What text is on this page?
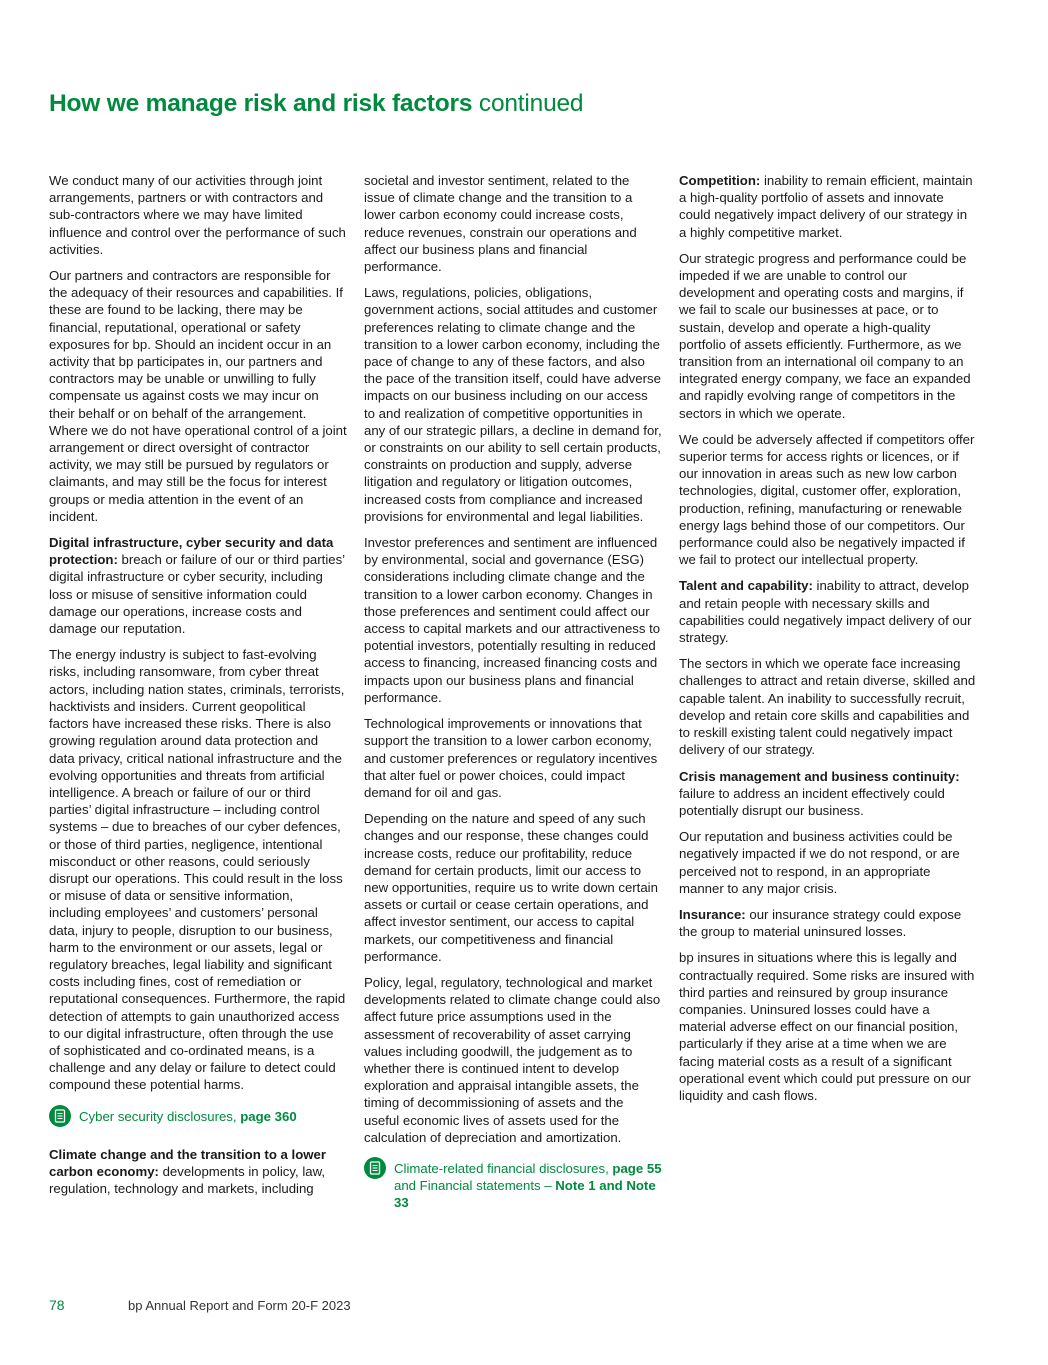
How we manage risk and risk factors continued

We conduct many of our activities through joint arrangements, partners or with contractors and sub-contractors where we may have limited influence and control over the performance of such activities.

Our partners and contractors are responsible for the adequacy of their resources and capabilities. If these are found to be lacking, there may be financial, reputational, operational or safety exposures for bp. Should an incident occur in an activity that bp participates in, our partners and contractors may be unable or unwilling to fully compensate us against costs we may incur on their behalf or on behalf of the arrangement. Where we do not have operational control of a joint arrangement or direct oversight of contractor activity, we may still be pursued by regulators or claimants, and may still be the focus for interest groups or media attention in the event of an incident.

Digital infrastructure, cyber security and data protection: breach or failure of our or third parties’ digital infrastructure or cyber security, including loss or misuse of sensitive information could damage our operations, increase costs and damage our reputation.

The energy industry is subject to fast-evolving risks, including ransomware, from cyber threat actors, including nation states, criminals, terrorists, hacktivists and insiders. Current geopolitical factors have increased these risks. There is also growing regulation around data protection and data privacy, critical national infrastructure and the evolving opportunities and threats from artificial intelligence. A breach or failure of our or third parties’ digital infrastructure – including control systems – due to breaches of our cyber defences, or those of third parties, negligence, intentional misconduct or other reasons, could seriously disrupt our operations. This could result in the loss or misuse of data or sensitive information, including employees’ and customers’ personal data, injury to people, disruption to our business, harm to the environment or our assets, legal or regulatory breaches, legal liability and significant costs including fines, cost of remediation or reputational consequences. Furthermore, the rapid detection of attempts to gain unauthorized access to our digital infrastructure, often through the use of sophisticated and co-ordinated means, is a challenge and any delay or failure to detect could compound these potential harms.

Cyber security disclosures, page 360

Climate change and the transition to a lower carbon economy: developments in policy, law, regulation, technology and markets, including

societal and investor sentiment, related to the issue of climate change and the transition to a lower carbon economy could increase costs, reduce revenues, constrain our operations and affect our business plans and financial performance.

Laws, regulations, policies, obligations, government actions, social attitudes and customer preferences relating to climate change and the transition to a lower carbon economy, including the pace of change to any of these factors, and also the pace of the transition itself, could have adverse impacts on our business including on our access to and realization of competitive opportunities in any of our strategic pillars, a decline in demand for, or constraints on our ability to sell certain products, constraints on production and supply, adverse litigation and regulatory or litigation outcomes, increased costs from compliance and increased provisions for environmental and legal liabilities.

Investor preferences and sentiment are influenced by environmental, social and governance (ESG) considerations including climate change and the transition to a lower carbon economy. Changes in those preferences and sentiment could affect our access to capital markets and our attractiveness to potential investors, potentially resulting in reduced access to financing, increased financing costs and impacts upon our business plans and financial performance.

Technological improvements or innovations that support the transition to a lower carbon economy, and customer preferences or regulatory incentives that alter fuel or power choices, could impact demand for oil and gas.

Depending on the nature and speed of any such changes and our response, these changes could increase costs, reduce our profitability, reduce demand for certain products, limit our access to new opportunities, require us to write down certain assets or curtail or cease certain operations, and affect investor sentiment, our access to capital markets, our competitiveness and financial performance.

Policy, legal, regulatory, technological and market developments related to climate change could also affect future price assumptions used in the assessment of recoverability of asset carrying values including goodwill, the judgement as to whether there is continued intent to develop exploration and appraisal intangible assets, the timing of decommissioning of assets and the useful economic lives of assets used for the calculation of depreciation and amortization.

Climate-related financial disclosures, page 55 and Financial statements – Note 1 and Note 33

Competition: inability to remain efficient, maintain a high-quality portfolio of assets and innovate could negatively impact delivery of our strategy in a highly competitive market.

Our strategic progress and performance could be impeded if we are unable to control our development and operating costs and margins, if we fail to scale our businesses at pace, or to sustain, develop and operate a high-quality portfolio of assets efficiently. Furthermore, as we transition from an international oil company to an integrated energy company, we face an expanded and rapidly evolving range of competitors in the sectors in which we operate.

We could be adversely affected if competitors offer superior terms for access rights or licences, or if our innovation in areas such as new low carbon technologies, digital, customer offer, exploration, production, refining, manufacturing or renewable energy lags behind those of our competitors. Our performance could also be negatively impacted if we fail to protect our intellectual property.

Talent and capability: inability to attract, develop and retain people with necessary skills and capabilities could negatively impact delivery of our strategy.

The sectors in which we operate face increasing challenges to attract and retain diverse, skilled and capable talent. An inability to successfully recruit, develop and retain core skills and capabilities and to reskill existing talent could negatively impact delivery of our strategy.

Crisis management and business continuity: failure to address an incident effectively could potentially disrupt our business.

Our reputation and business activities could be negatively impacted if we do not respond, or are perceived not to respond, in an appropriate manner to any major crisis.

Insurance: our insurance strategy could expose the group to material uninsured losses.

bp insures in situations where this is legally and contractually required. Some risks are insured with third parties and reinsured by group insurance companies. Uninsured losses could have a material adverse effect on our financial position, particularly if they arise at a time when we are facing material costs as a result of a significant operational event which could put pressure on our liquidity and cash flows.

78	bp Annual Report and Form 20-F 2023
